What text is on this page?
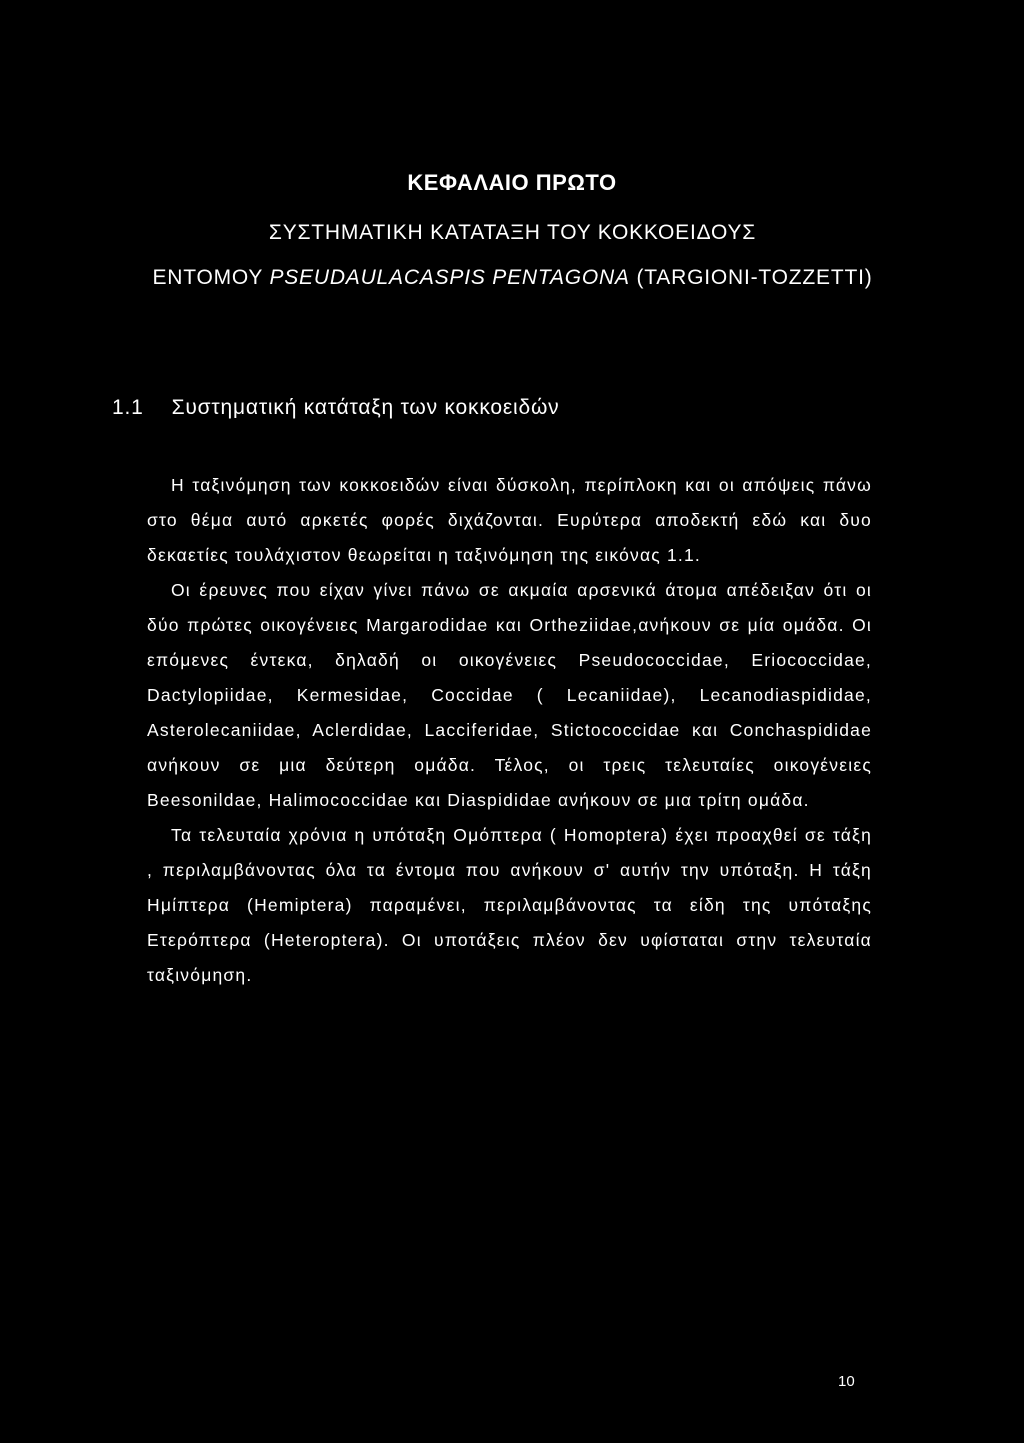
ΚΕΦΑΛΑΙΟ ΠΡΩΤΟ
ΣΥΣΤΗΜΑΤΙΚΗ ΚΑΤΑΤΑΞΗ ΤΟΥ ΚΟΚΚΟΕΙΔΟΥΣ
ΕΝΤΟΜΟΥ PSEUDAULACASPIS PENTAGONA (TARGIONI-TOZZETTI)
1.1 Συστηματική κατάταξη των κοκκοειδών

Η ταξινόμηση των κοκκοειδών είναι δύσκολη, περίπλοκη και οι απόψεις πάνω στο θέμα αυτό αρκετές φορές διχάζονται. Ευρύτερα αποδεκτή εδώ και δυο δεκαετίες τουλάχιστον θεωρείται η ταξινόμηση της εικόνας 1.1.

Οι έρευνες που είχαν γίνει πάνω σε ακμαία αρσενικά άτομα απέδειξαν ότι οι δύο πρώτες οικογένειες Margarodidae και Ortheziidae,ανήκουν σε μία ομάδα. Οι επόμενες έντεκα, δηλαδή οι οικογένειες Pseudococcidae, Eriococcidae, Dactylopiidae, Kermesidae, Coccidae ( Lecaniidae), Lecanodiaspididae, Asterolecaniidae, Aclerdidae, Lacciferidae, Stictococcidae και Conchaspididae ανήκουν σε μια δεύτερη ομάδα. Τέλος, οι τρεις τελευταίες οικογένειες Beesonildae, Halimococcidae και Diaspididae ανήκουν σε μια τρίτη ομάδα.

Τα τελευταία χρόνια η υπόταξη Ομόπτερα ( Homoptera) έχει προαχθεί σε τάξη , περιλαμβάνοντας όλα τα έντομα που ανήκουν σ' αυτήν την υπόταξη. Η τάξη Ημίπτερα (Hemiptera) παραμένει, περιλαμβάνοντας τα είδη της υπόταξης Ετερόπτερα (Heteroptera). Οι υποτάξεις πλέον δεν υφίσταται στην τελευταία ταξινόμηση.

10
